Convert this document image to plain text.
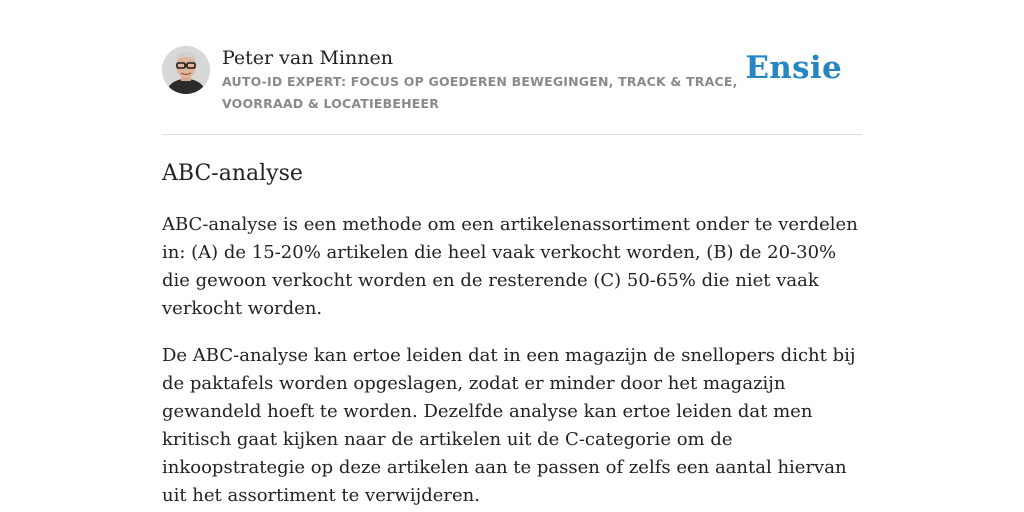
Peter van Minnen
AUTO-ID EXPERT: FOCUS OP GOEDEREN BEWEGINGEN, TRACK & TRACE, VOORRAAD & LOCATIEBEHEER
Ensie
ABC-analyse

ABC-analyse is een methode om een artikelenassortiment onder te verdelen in: (A) de 15-20% artikelen die heel vaak verkocht worden, (B) de 20-30% die gewoon verkocht worden en de resterende (C) 50-65% die niet vaak verkocht worden.

De ABC-analyse kan ertoe leiden dat in een magazijn de snellopers dicht bij de paktafels worden opgeslagen, zodat er minder door het magazijn gewandeld hoeft te worden. Dezelfde analyse kan ertoe leiden dat men kritisch gaat kijken naar de artikelen uit de C-categorie om de inkoopstrategie op deze artikelen aan te passen of zelfs een aantal hiervan uit het assortiment te verwijderen.
